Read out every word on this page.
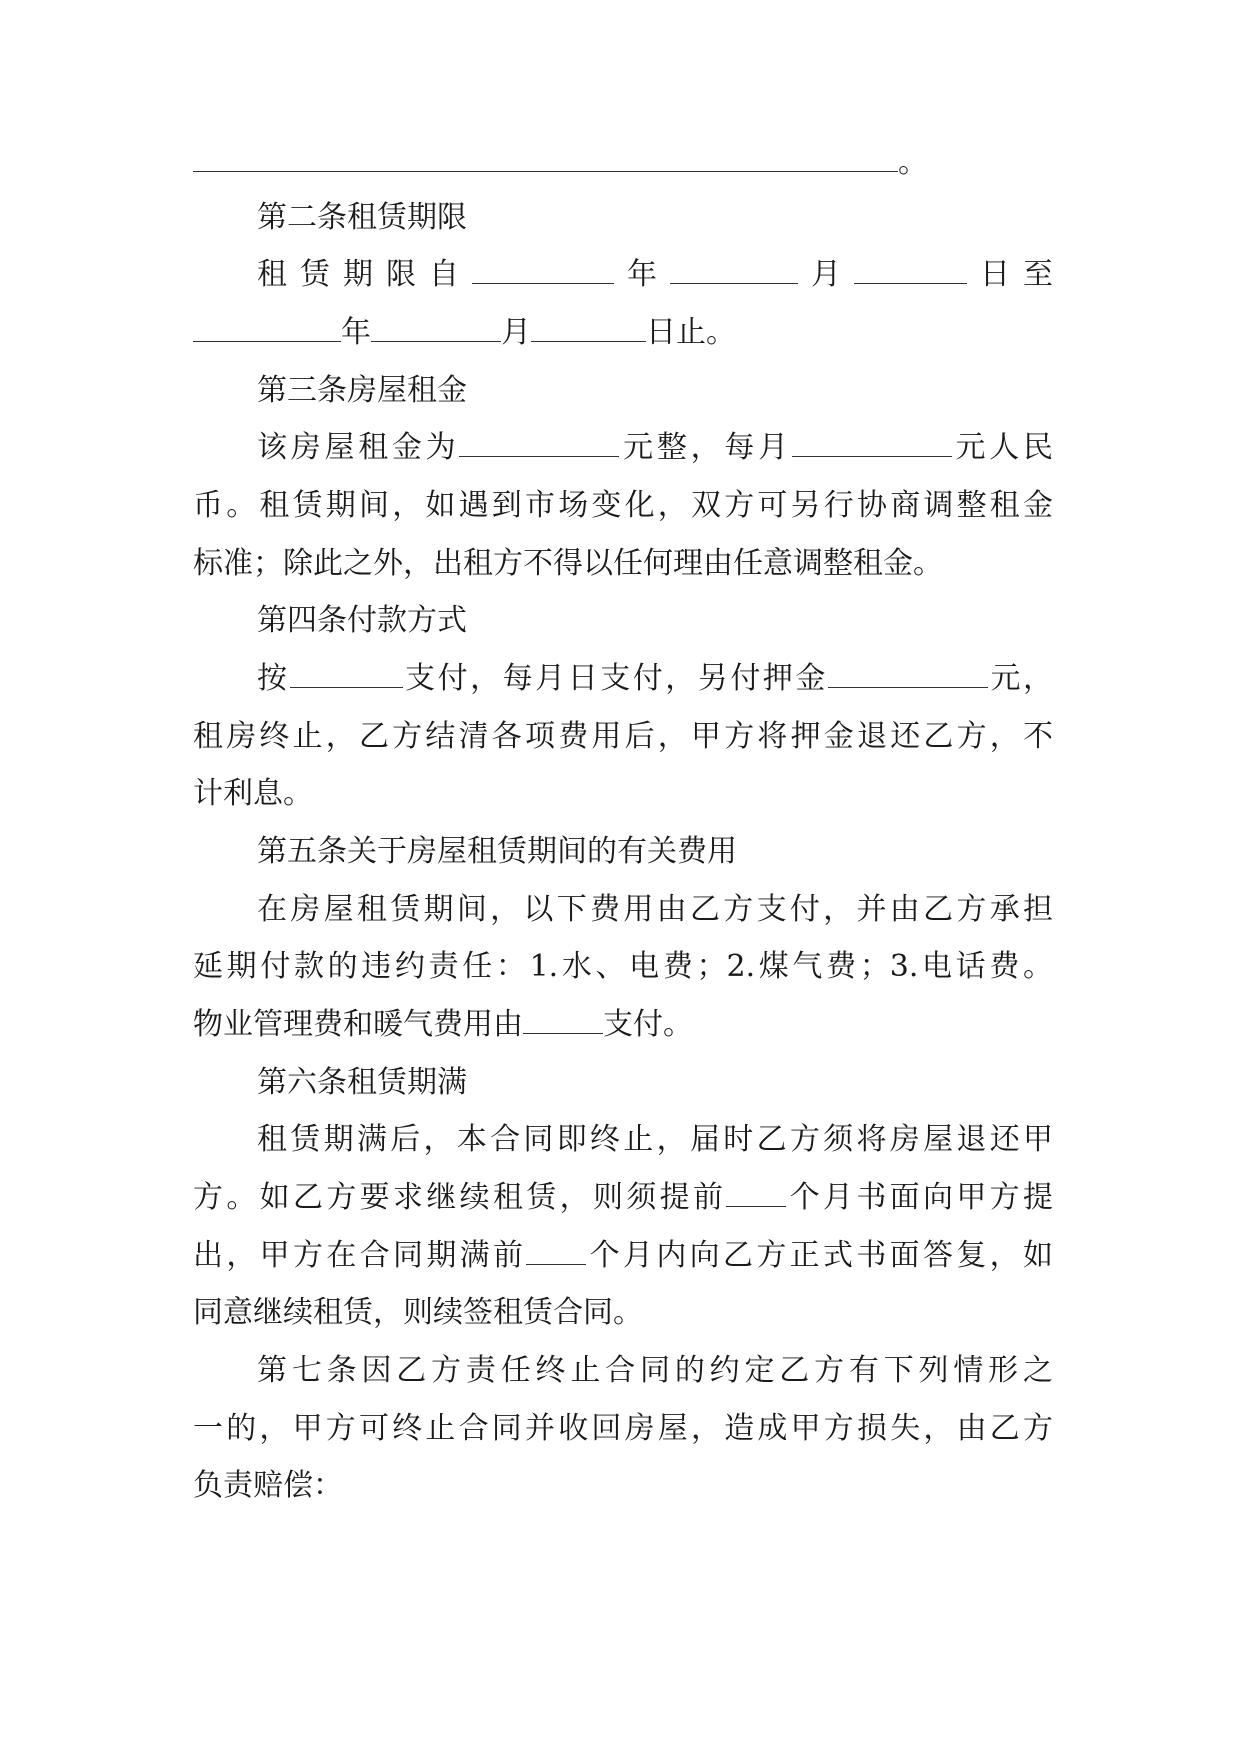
。
第二条租赁期限
租赁期限自	年	月	日至
年	月	日止。
第三条房屋租金
该房屋租金为	元整，每月	元人民
币。租赁期间，如遇到市场变化，双方可另行协商调整租金
标准；除此之外，出租方不得以任何理由任意调整租金。
第四条付款方式
按	支付，每月日支付，另付押金	元，
租房终止，乙方结清各项费用后，甲方将押金退还乙方，不
计利息。
第五条关于房屋租赁期间的有关费用
在房屋租赁期间，以下费用由乙方支付，并由乙方承担
延期付款的违约责任：1.水、电费；2.煤气费；3.电话费。
物业管理费和暖气费用由	支付。
第六条租赁期满
租赁期满后，本合同即终止，届时乙方须将房屋退还甲
方。如乙方要求继续租赁，则须提前 个月书面向甲方提
出，甲方在合同期满前 个月内向乙方正式书面答复，如
同意继续租赁，则续签租赁合同。
第七条因乙方责任终止合同的约定乙方有下列情形之
一的，甲方可终止合同并收回房屋，造成甲方损失，由乙方
负责赔偿：
